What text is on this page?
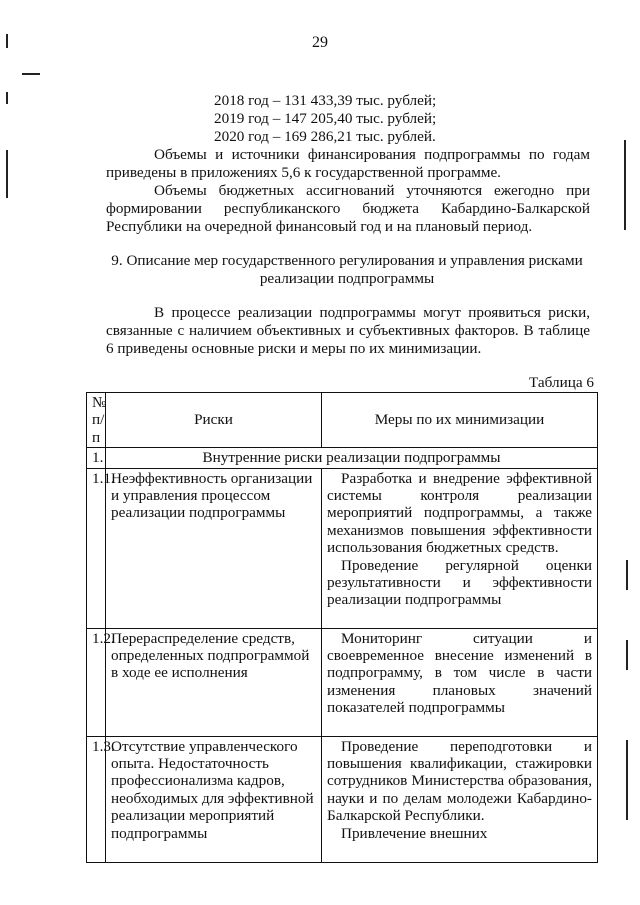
29
2018 год – 131 433,39 тыс. рублей;
2019 год – 147 205,40 тыс. рублей;
2020 год – 169 286,21 тыс. рублей.
Объемы и источники финансирования подпрограммы по годам приведены в приложениях 5,6 к государственной программе.
Объемы бюджетных ассигнований уточняются ежегодно при формировании республиканского бюджета Кабардино-Балкарской Республики на очередной финансовый год и на плановый период.
9. Описание мер государственного регулирования и управления рисками реализации подпрограммы
В процессе реализации подпрограммы могут проявиться риски, связанные с наличием объективных и субъективных факторов. В таблице 6 приведены основные риски и меры по их минимизации.
Таблица 6
№ п/п	Риски	Меры по их минимизации
1.	Внутренние риски реализации подпрограммы	
1.1.	Неэффективность организации и управления процессом реализации подпрограммы	Разработка и внедрение эффективной системы контроля реализации мероприятий подпрограммы, а также механизмов повышения эффективности использования бюджетных средств.

Проведение регулярной оценки результативности и эффективности реализации подпрограммы

1.2.	Перераспределение средств, определенных подпрограммой в ходе ее исполнения	Мониторинг ситуации и своевременное внесение изменений в подпрограмму, в том числе в части изменения плановых значений показателей подпрограммы

1.3.	Отсутствие управленческого опыта. Недостаточность профессионализма кадров, необходимых для эффективной реализации мероприятий подпрограммы	Проведение переподготовки и повышения квалификации, стажировки сотрудников Министерства образования, науки и по делам молодежи Кабардино-Балкарской Республики.

Привлечение внешних
